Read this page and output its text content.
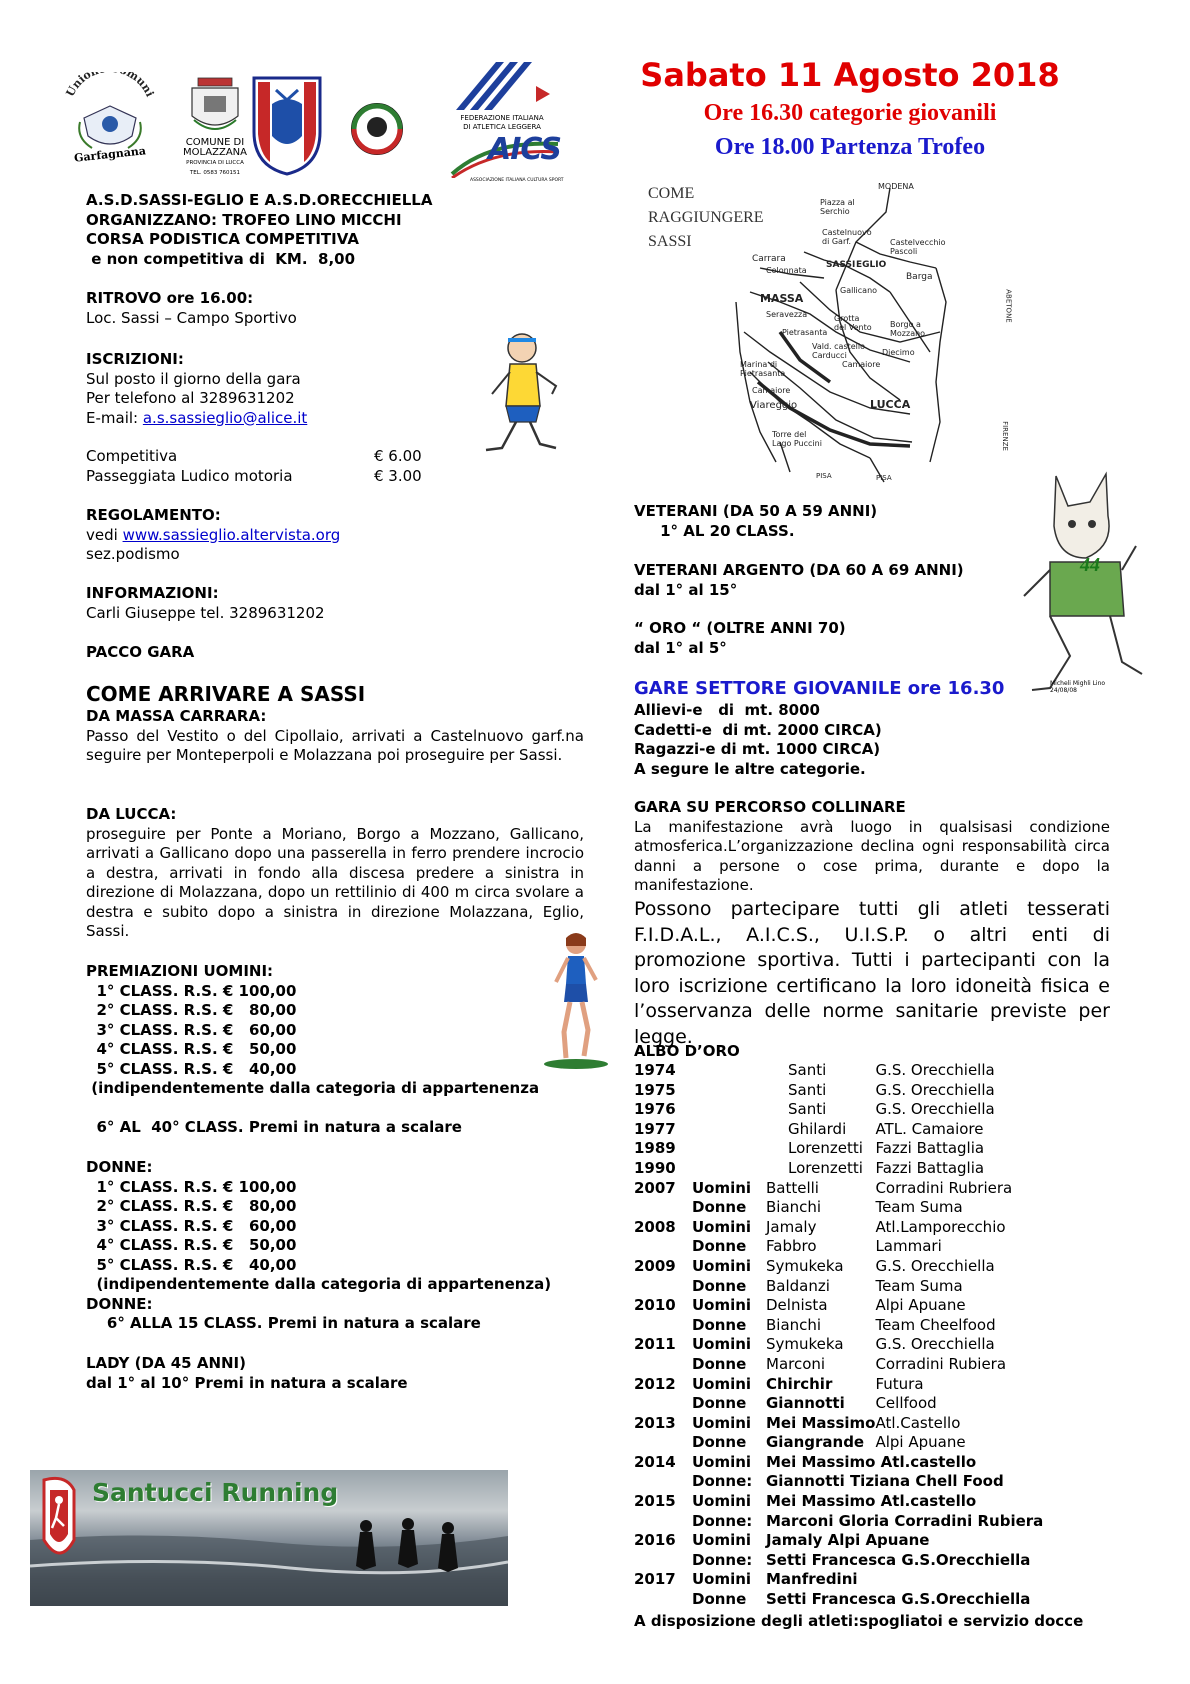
Unio muni
Garfagnana
COMUNE DI
MOLAZZANA
PROVINCIA DI LUCCA
TEL. 0583 760151
FEDERAZIONE ITALIANA
DI ATLETICA LEGGERA
AICS
ASSOCIAZIONE ITALIANA CULTURA SPORT
Sabato 11 Agosto 2018
Ore 16.30 categorie giovanili
Ore 18.00 Partenza Trofeo
A.S.D.SASSI-EGLIO E A.S.D.ORECCHIELLA
ORGANIZZANO: TROFEO LINO MICCHI
CORSA PODISTICA COMPETITIVA
e non competitiva di  KM.  8,00
RITROVO ore 16.00:
Loc. Sassi – Campo Sportivo
ISCRIZIONI:
Sul posto il giorno della gara
Per telefono al 3289631202
E-mail: a.s.sassieglio@alice.it
Competitiva	€ 6.00
Passeggiata Ludico motoria	€ 3.00
REGOLAMENTO:
vedi www.sassieglio.altervista.org
sez.podismo
INFORMAZIONI:
Carli Giuseppe tel. 3289631202
PACCO GARA
COME ARRIVARE A SASSI
DA MASSA CARRARA:
Passo del Vestito o del Cipollaio, arrivati a Castelnuovo garf.na seguire per Monteperpoli e Molazzana poi proseguire per Sassi.
DA LUCCA:
proseguire per Ponte a Moriano, Borgo a Mozzano, Gallicano, arrivati a Gallicano dopo una passerella in ferro prendere incrocio a destra, arrivati in fondo alla discesa predere a sinistra in direzione di Molazzana, dopo un rettilinio di 400 m circa svolare a destra e subito dopo a sinistra in direzione Molazzana, Eglio, Sassi.
PREMIAZIONI UOMINI:
1° CLASS. R.S. € 100,00
2° CLASS. R.S. €   80,00
3° CLASS. R.S. €   60,00
4° CLASS. R.S. €   50,00
5° CLASS. R.S. €   40,00
(indipendentemente dalla categoria di appartenenza
6° AL  40° CLASS. Premi in natura a scalare
DONNE:
1° CLASS. R.S. € 100,00
2° CLASS. R.S. €   80,00
3° CLASS. R.S. €   60,00
4° CLASS. R.S. €   50,00
5° CLASS. R.S. €   40,00
(indipendentemente dalla categoria di appartenenza)
DONNE:
6° ALLA 15 CLASS. Premi in natura a scalare
LADY (DA 45 ANNI)
dal 1° al 10° Premi in natura a scalare
Santucci Running
COME
RAGGIUNGERE
SASSI
MODENA
Piazza al Serchio
Castelnuovo di Garf.	Castelvecchio Pascoli
Carrara
Colonnata
SASSI EGLIO
Barga
MASSA
Gallicano
Seravezza
Pietrasanta
Grotta del Vento Borgo a Mozzano
Vald. castello Carducci	Diecimo
Marina di Pietrasanta
Camaiore
Camaiore
Viareggio	LUCCA
Torre del Lago Puccini
PISA	PISA
ABETONE
FIRENZE
44
Micheli Mighli Lino
24/08/08
VETERANI (DA 50 A 59 ANNI)
1° AL 20 CLASS.
VETERANI ARGENTO (DA 60 A 69 ANNI)
dal 1° al 15°
“ ORO “ (OLTRE ANNI 70)
dal 1° al 5°
GARE SETTORE GIOVANILE ore 16.30
Allievi-e   di  mt. 8000
Cadetti-e  di mt. 2000 CIRCA)
Ragazzi-e di mt. 1000 CIRCA)
A segure le altre categorie.
GARA SU PERCORSO COLLINARE
La manifestazione avrà luogo in qualsisasi condizione atmosferica.L’organizzazione declina ogni responsabilità circa danni a persone o cose prima, durante e dopo la manifestazione.
Possono partecipare tutti gli atleti tesserati F.I.D.A.L., A.I.C.S., U.I.S.P. o altri enti di promozione sportiva. Tutti i partecipanti con la loro iscrizione certificano la loro idoneità fisica e l’osservanza delle norme sanitarie previste per legge.
ALBO D’ORO
1974		Santi	G.S. Orecchiella
1975		Santi	G.S. Orecchiella
1976		Santi	G.S. Orecchiella
1977		Ghilardi	ATL. Camaiore
1989		Lorenzetti	Fazzi Battaglia
1990		Lorenzetti	Fazzi Battaglia
2007	Uomini	Battelli	Corradini Rubriera
	Donne	Bianchi	Team Suma
2008	Uomini	Jamaly	Atl.Lamporecchio
	Donne	Fabbro	Lammari
2009	Uomini	Symukeka	G.S. Orecchiella
	Donne	Baldanzi	Team Suma
2010	Uomini	Delnista	Alpi Apuane
	Donne	Bianchi	Team Cheelfood
2011	Uomini	Symukeka	G.S. Orecchiella
	Donne	Marconi	Corradini Rubiera
2012	Uomini	Chirchir	Futura
	Donne	Giannotti	Cellfood
2013	Uomini	Mei Massimo	Atl.Castello
	Donne	Giangrande	Alpi Apuane
2014	Uomini	Mei Massimo Atl.castello	
	Donne:	Giannotti Tiziana Chell Food	
2015	Uomini	Mei Massimo Atl.castello	
	Donne:	Marconi Gloria Corradini Rubiera	
2016	Uomini	Jamaly Alpi Apuane	
	Donne:	Setti Francesca G.S.Orecchiella	
2017	Uomini	Manfredini	
	Donne	Setti Francesca G.S.Orecchiella	
A disposizione degli atleti:spogliatoi e servizio docce
